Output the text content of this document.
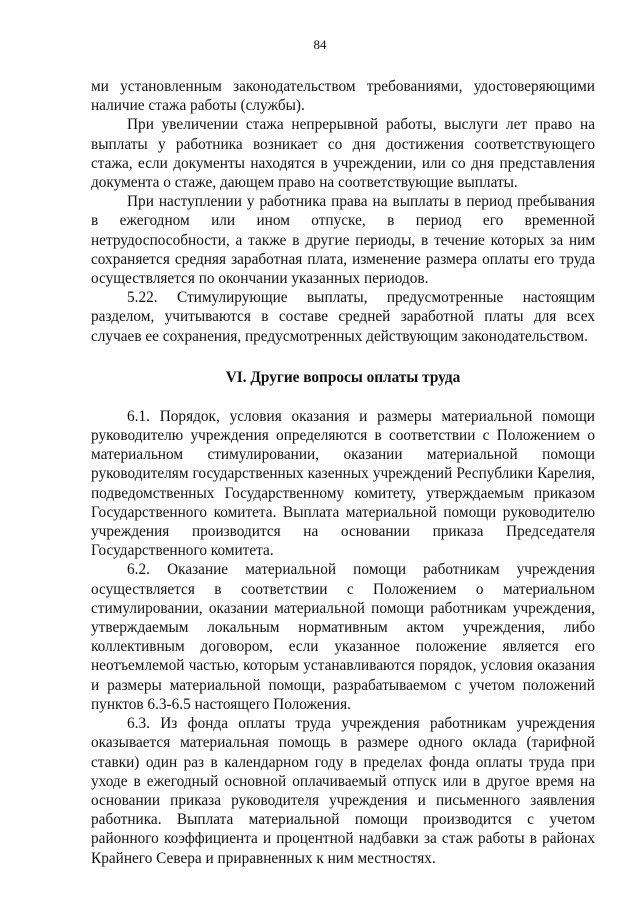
84

ми установленным законодательством требованиями, удостоверяющими наличие стажа работы (службы).

При увеличении стажа непрерывной работы, выслуги лет право на выплаты у работника возникает со дня достижения соответствующего стажа, если документы находятся в учреждении, или со дня представления документа о стаже, дающем право на соответствующие выплаты.

При наступлении у работника права на выплаты в период пребывания в ежегодном или ином отпуске, в период его временной нетрудоспособности, а также в другие периоды, в течение которых за ним сохраняется средняя заработная плата, изменение размера оплаты его труда осуществляется по окончании указанных периодов.

5.22. Стимулирующие выплаты, предусмотренные настоящим разделом, учитываются в составе средней заработной платы для всех случаев ее сохранения, предусмотренных действующим законодательством.

VI. Другие вопросы оплаты труда

6.1. Порядок, условия оказания и размеры материальной помощи руководителю учреждения определяются в соответствии с Положением о материальном стимулировании, оказании материальной помощи руководителям государственных казенных учреждений Республики Карелия, подведомственных Государственному комитету, утверждаемым приказом Государственного комитета. Выплата материальной помощи руководителю учреждения производится на основании приказа Председателя Государственного комитета.

6.2. Оказание материальной помощи работникам учреждения осуществляется в соответствии с Положением о материальном стимулировании, оказании материальной помощи работникам учреждения, утверждаемым локальным нормативным актом учреждения, либо коллективным договором, если указанное положение является его неотъемлемой частью, которым устанавливаются порядок, условия оказания и размеры материальной помощи, разрабатываемом с учетом положений пунктов 6.3-6.5 настоящего Положения.

6.3. Из фонда оплаты труда учреждения работникам учреждения оказывается материальная помощь в размере одного оклада (тарифной ставки) один раз в календарном году в пределах фонда оплаты труда при уходе в ежегодный основной оплачиваемый отпуск или в другое время на основании приказа руководителя учреждения и письменного заявления работника. Выплата материальной помощи производится с учетом районного коэффициента и процентной надбавки за стаж работы в районах Крайнего Севера и приравненных к ним местностях.
